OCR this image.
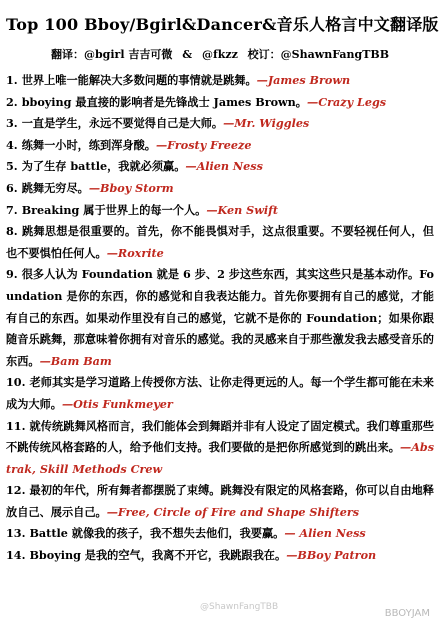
Top 100 Bboy/Bgirl&Dancer&音乐人格言中文翻译版
翻译：@bgirl 吉吉可微 & @fkzz 校订：@ShawnFangTBB
1. 世界上唯一能解决大多数问题的事情就是跳舞。—James Brown
2. bboying 最直接的影响者是先锋战士 James Brown。—Crazy Legs
3. 一直是学生，永远不要觉得自己是大师。—Mr. Wiggles
4. 练舞一小时，练到浑身酸。—Frosty Freeze
5. 为了生存 battle，我就必须赢。—Alien Ness
6. 跳舞无穷尽。—Bboy Storm
7. Breaking 属于世界上的每一个人。—Ken Swift
8. 跳舞思想是很重要的。首先，你不能畏惧对手，这点很重要。不要轻视任何人，但也不要惧怕任何人。—Roxrite
9. 很多人认为 Foundation 就是 6 步、2 步这些东西，其实这些只是基本动作。Foundation 是你的东西，你的感觉和自我表达能力。首先你要拥有自己的感觉，才能有自己的东西。如果动作里没有自己的感觉，它就不是你的 Foundation；如果你跟随音乐跳舞，那意味着你拥有对音乐的感觉。我的灵感来自于那些激发我去感受音乐的东西。—Bam Bam
10. 老师其实是学习道路上传授你方法、让你走得更远的人。每一个学生都可能在未来成为大师。—Otis Funkmeyer
11. 就传统跳舞风格而言，我们能体会到舞蹈并非有人设定了固定模式。我们尊重那些不跳传统风格套路的人，给予他们支持。我们要做的是把你所感觉到的跳出来。—Abstrak, Skill Methods Crew
12. 最初的年代，所有舞者都摆脱了束缚。跳舞没有限定的风格套路，你可以自由地释放自己、展示自己。—Free, Circle of Fire and Shape Shifters
13. Battle 就像我的孩子，我不想失去他们，我要赢。— Alien Ness
14. Bboying 是我的空气，我离不开它，我跳跟我在。—BBoy Patron
@ShawnFangTBB
BBOYJAM
